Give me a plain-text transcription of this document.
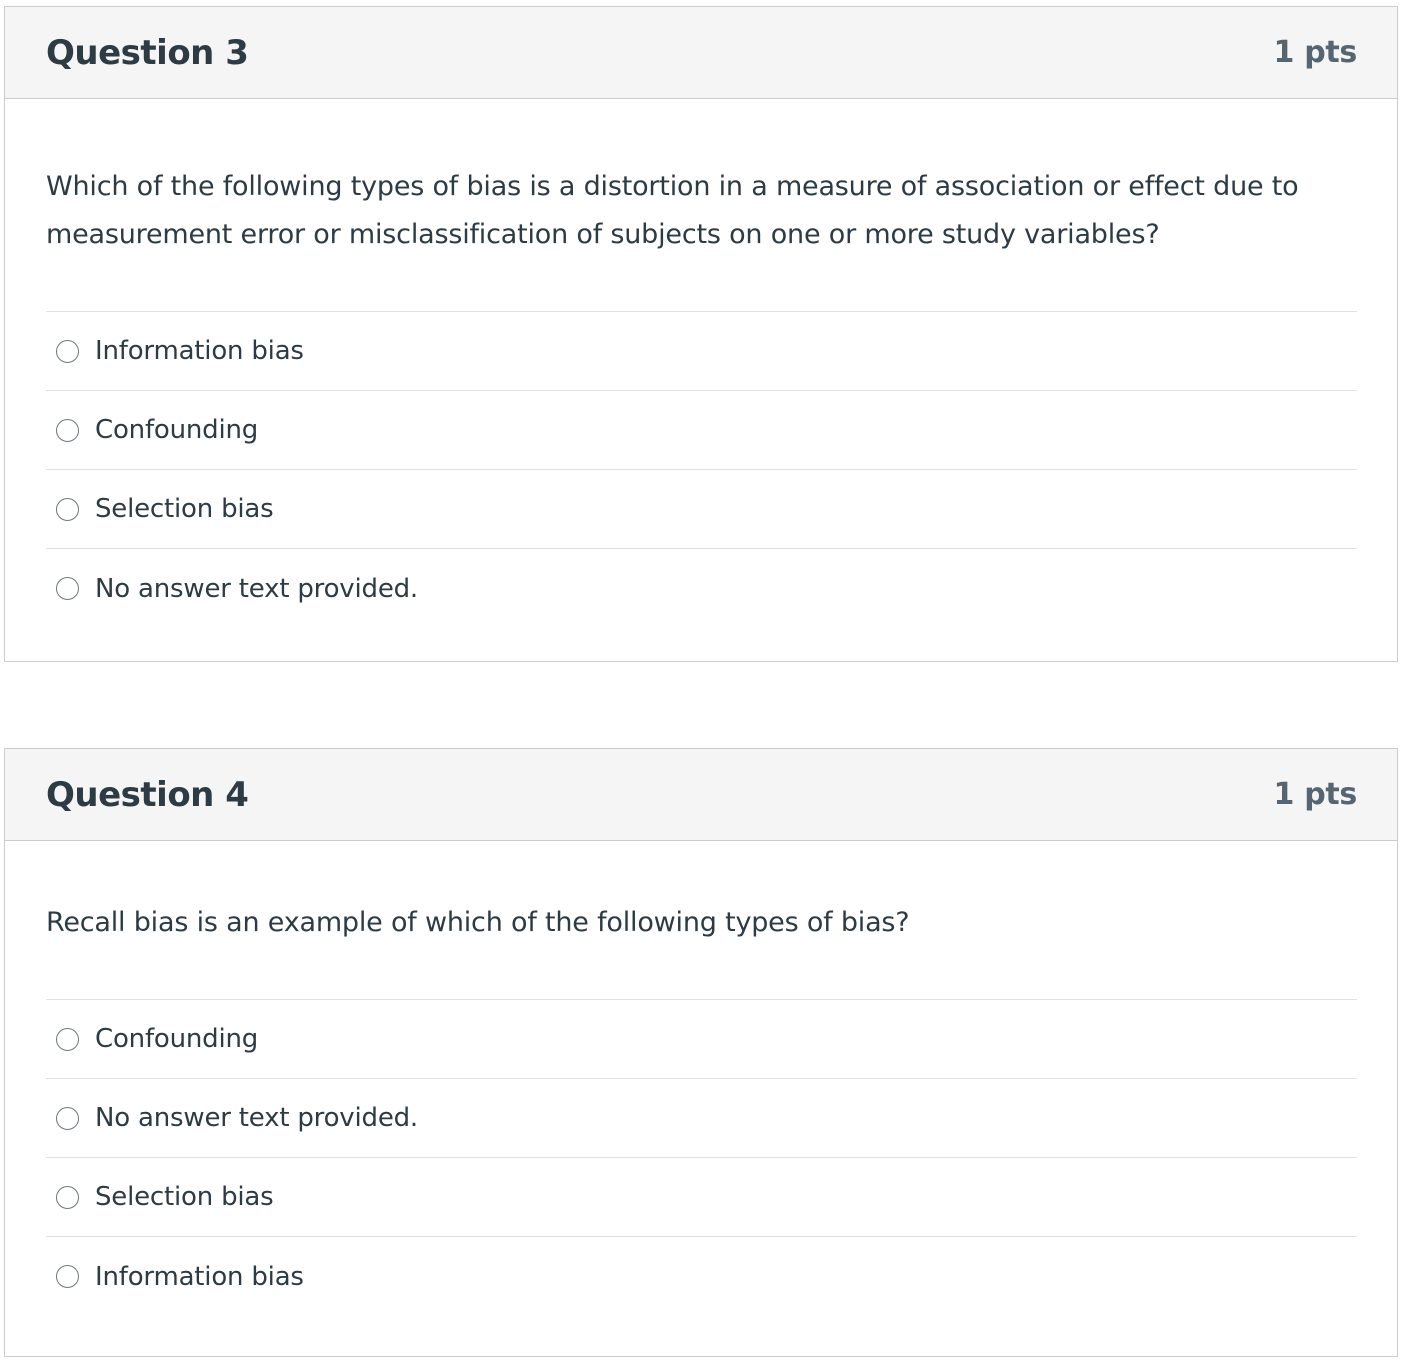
Question 3	1 pts

Which of the following types of bias is a distortion in a measure of association or effect due to measurement error or misclassification of subjects on one or more study variables?

Information bias
Confounding
Selection bias
No answer text provided.
Question 4	1 pts

Recall bias is an example of which of the following types of bias?

Confounding
No answer text provided.
Selection bias
Information bias
